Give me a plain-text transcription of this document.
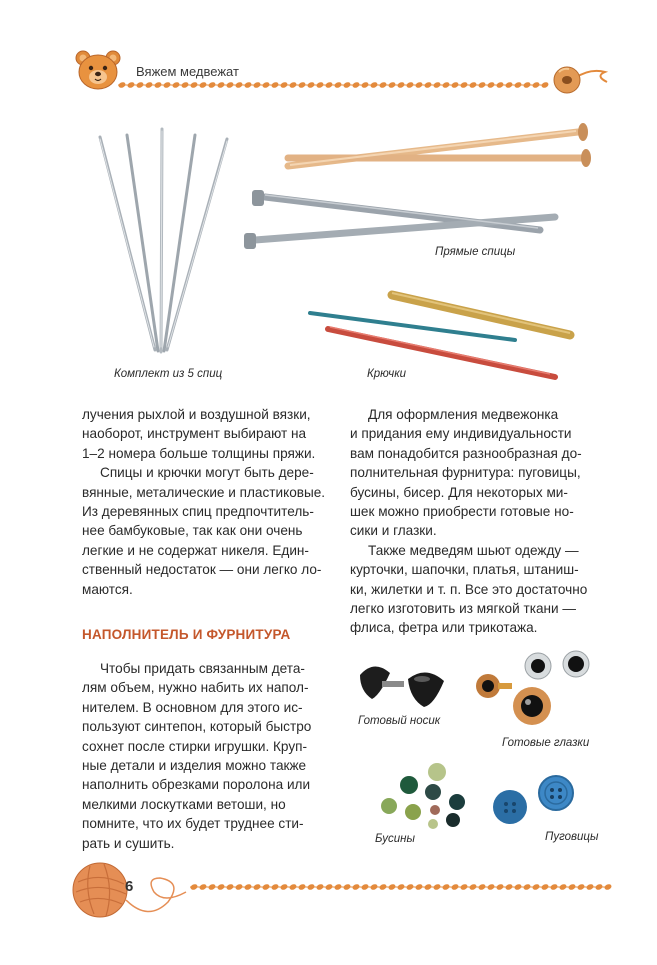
Вяжем медвежат
Комплект из 5 спиц
Прямые спицы
Крючки

лучения рыхлой и воздушной вязки,

наоборот, инструмент выбирают на

1–2 номера больше толщины пряжи.

Спицы и крючки могут быть дере-

вянные, металические и пластиковые.

Из деревянных спиц предпочтитель-

нее бамбуковые, так как они очень

легкие и не содержат никеля. Един-

ственный недостаток — они легко ло-

маются.

НАПОЛНИТЕЛЬ И ФУРНИТУРА

Чтобы придать связанным дета-

лям объем, нужно набить их напол-

нителем. В основном для этого ис-

пользуют синтепон, который быстро

сохнет после стирки игрушки. Круп-

ные детали и изделия можно также

наполнить обрезками поролона или

мелкими лоскутками ветоши, но

помните, что их будет труднее сти-

рать и сушить.

Для оформления медвежонка

и придания ему индивидуальности

вам понадобится разнообразная до-

полнительная фурнитура: пуговицы,

бусины, бисер. Для некоторых ми-

шек можно приобрести готовые но-

сики и глазки.

Также медведям шьют одежду —

курточки, шапочки, платья, штаниш-

ки, жилетки и т. п. Все это достаточно

легко изготовить из мягкой ткани —

флиса, фетра или трикотажа.

Готовый носик
Готовые глазки
Бусины	Пуговицы
6
